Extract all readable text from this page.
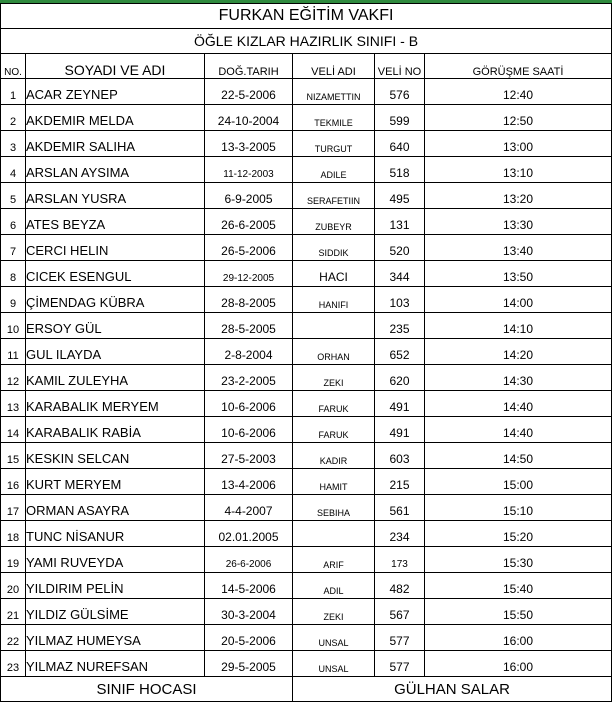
FURKAN EĞİTİM VAKFI					
ÖĞLE KIZLAR HAZIRLIK SINIFI - B					
NO.	SOYADI VE ADI	DOĞ.TARIH	VELİ ADI	VELİ NO	GÖRÜŞME SAATİ
1	ACAR ZEYNEP	22-5-2006	NIZAMETTIN	576	12:40
2	AKDEMIR MELDA	24-10-2004	TEKMILE	599	12:50
3	AKDEMIR SALIHA	13-3-2005	TURGUT	640	13:00
4	ARSLAN AYSIMA	11-12-2003	ADILE	518	13:10
5	ARSLAN YUSRA	6-9-2005	SERAFETIIN	495	13:20
6	ATES BEYZA	26-6-2005	ZUBEYR	131	13:30
7	CERCI HELIN	26-5-2006	SIDDIK	520	13:40
8	CICEK ESENGUL	29-12-2005	HACI	344	13:50
9	ÇİMENDAG KÜBRA	28-8-2005	HANIFI	103	14:00
10	ERSOY GÜL	28-5-2005		235	14:10
11	GUL ILAYDA	2-8-2004	ORHAN	652	14:20
12	KAMIL ZULEYHA	23-2-2005	ZEKI	620	14:30
13	KARABALIK MERYEM	10-6-2006	FARUK	491	14:40
14	KARABALIK RABİA	10-6-2006	FARUK	491	14:40
15	KESKIN SELCAN	27-5-2003	KADIR	603	14:50
16	KURT MERYEM	13-4-2006	HAMIT	215	15:00
17	ORMAN ASAYRA	4-4-2007	SEBIHA	561	15:10
18	TUNC NİSANUR	02.01.2005		234	15:20
19	YAMI RUVEYDA	26-6-2006	ARIF	173	15:30
20	YILDIRIM PELİN	14-5-2006	ADIL	482	15:40
21	YILDIZ GÜLSİME	30-3-2004	ZEKI	567	15:50
22	YILMAZ HUMEYSA	20-5-2006	UNSAL	577	16:00
23	YILMAZ NUREFSAN	29-5-2005	UNSAL	577	16:00
SINIF HOCASI			GÜLHAN SALAR		
